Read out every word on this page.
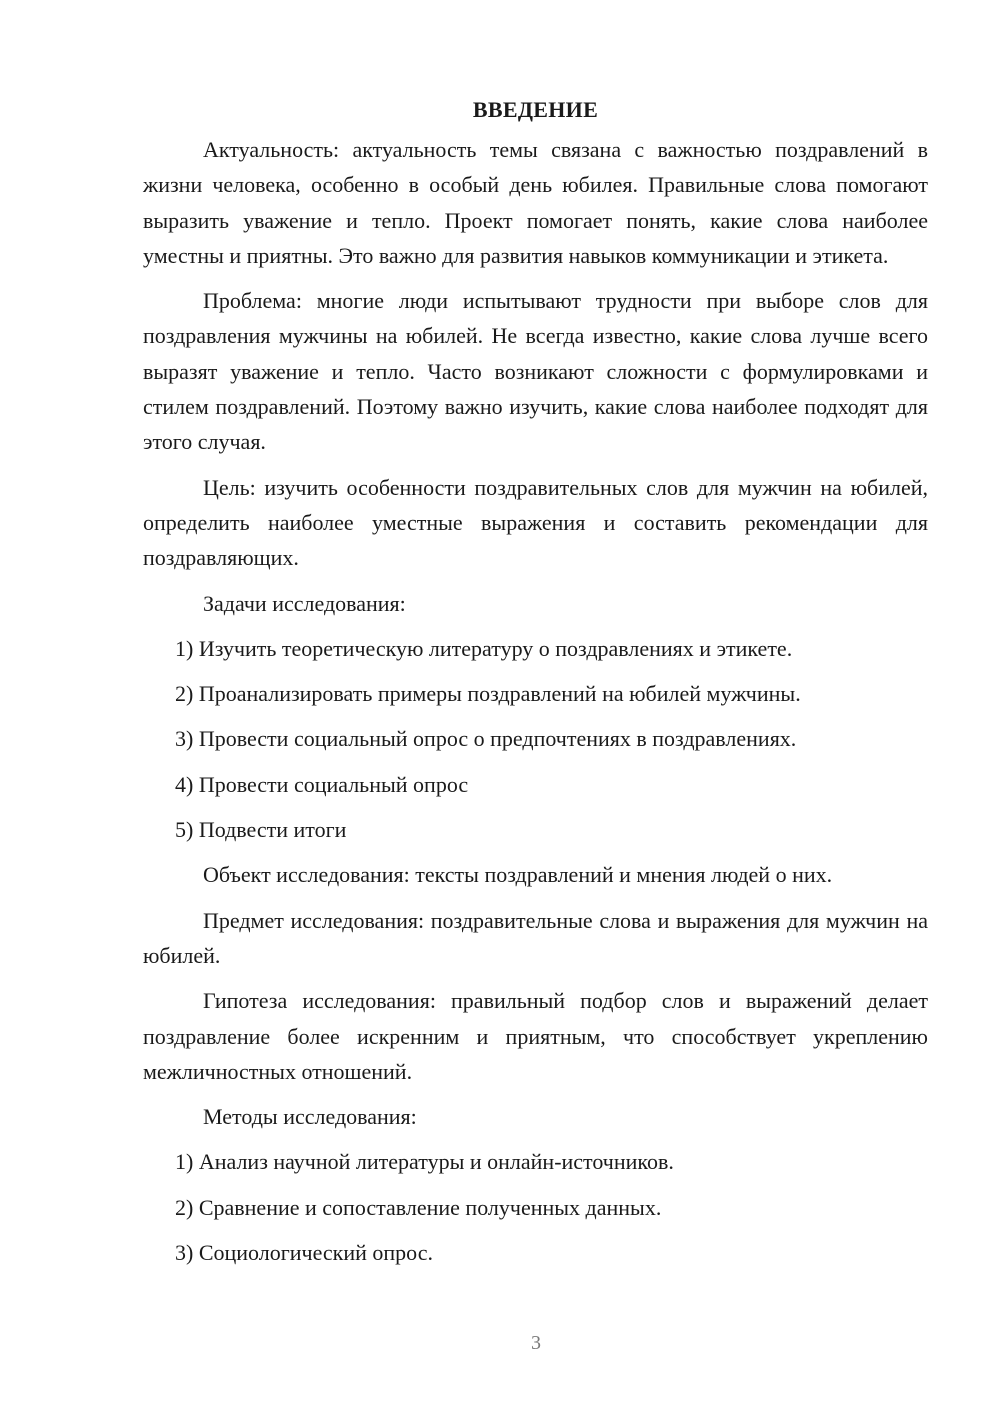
ВВЕДЕНИЕ

Актуальность: актуальность темы связана с важностью поздравлений в жизни человека, особенно в особый день юбилея. Правильные слова помогают выразить уважение и тепло. Проект помогает понять, какие слова наиболее уместны и приятны. Это важно для развития навыков коммуникации и этикета.

Проблема: многие люди испытывают трудности при выборе слов для поздравления мужчины на юбилей. Не всегда известно, какие слова лучше всего выразят уважение и тепло. Часто возникают сложности с формулировками и стилем поздравлений. Поэтому важно изучить, какие слова наиболее подходят для этого случая.

Цель: изучить особенности поздравительных слов для мужчин на юбилей, определить наиболее уместные выражения и составить рекомендации для поздравляющих.

Задачи исследования:
1) Изучить теоретическую литературу о поздравлениях и этикете.
2) Проанализировать примеры поздравлений на юбилей мужчины.
3) Провести социальный опрос о предпочтениях в поздравлениях.
4) Провести социальный опрос
5) Подвести итоги
Объект исследования: тексты поздравлений и мнения людей о них.

Предмет исследования: поздравительные слова и выражения для мужчин на юбилей.

Гипотеза исследования: правильный подбор слов и выражений делает поздравление более искренним и приятным, что способствует укреплению межличностных отношений.

Методы исследования:
1) Анализ научной литературы и онлайн-источников.
2) Сравнение и сопоставление полученных данных.
3) Социологический опрос.
3
